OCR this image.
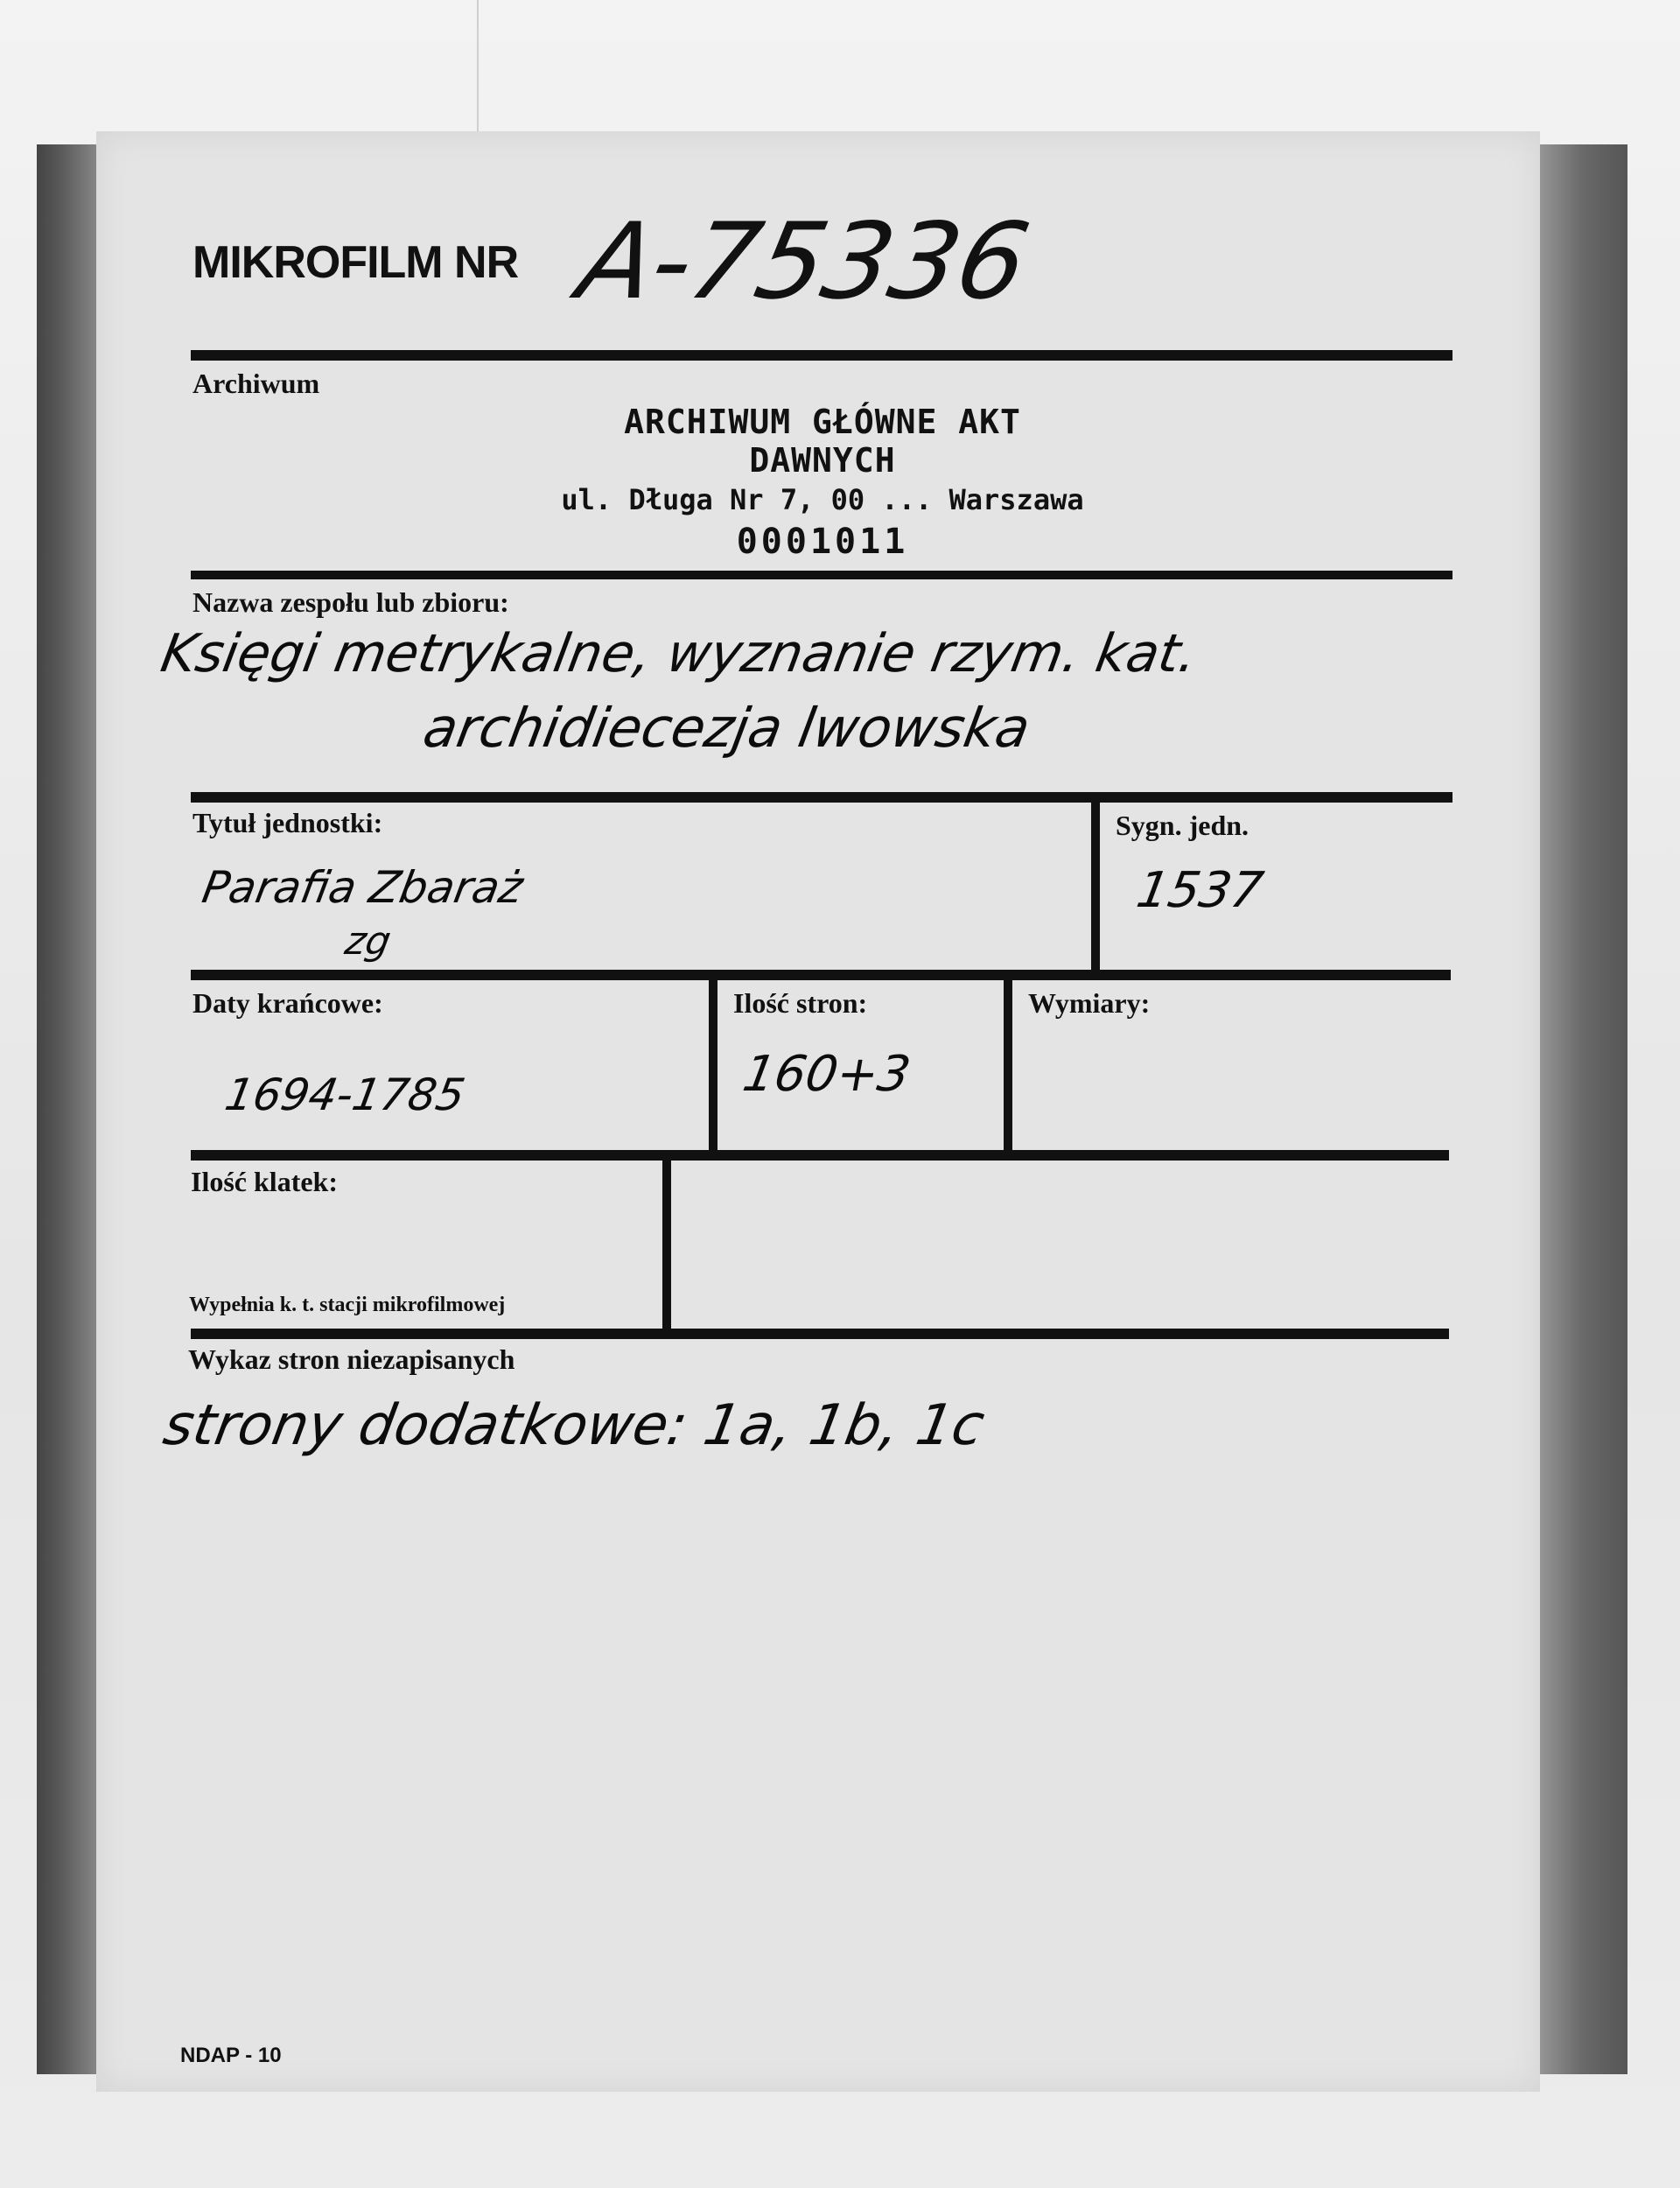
MIKROFILM NR A-75336
Archiwum
ARCHIWUM GŁÓWNE AKT DAWNYCH
ul. Długa Nr 7, 00 ... Warszawa
0001011
Nazwa zespołu lub zbioru:
Księgi metrykalne, wyznanie rzym. kat.
archidiecezja lwowska
Tytuł jednostki:
Parafia Zbaraż
zg
Sygn. jedn.
1537
Daty krańcowe:
1694-1785
Ilość stron:
160+3
Wymiary:
Ilość klatek:
Wypełnia k. t. stacji mikrofilmowej
Wykaz stron niezapisanych
strony dodatkowe: 1a, 1b, 1c
NDAP - 10
